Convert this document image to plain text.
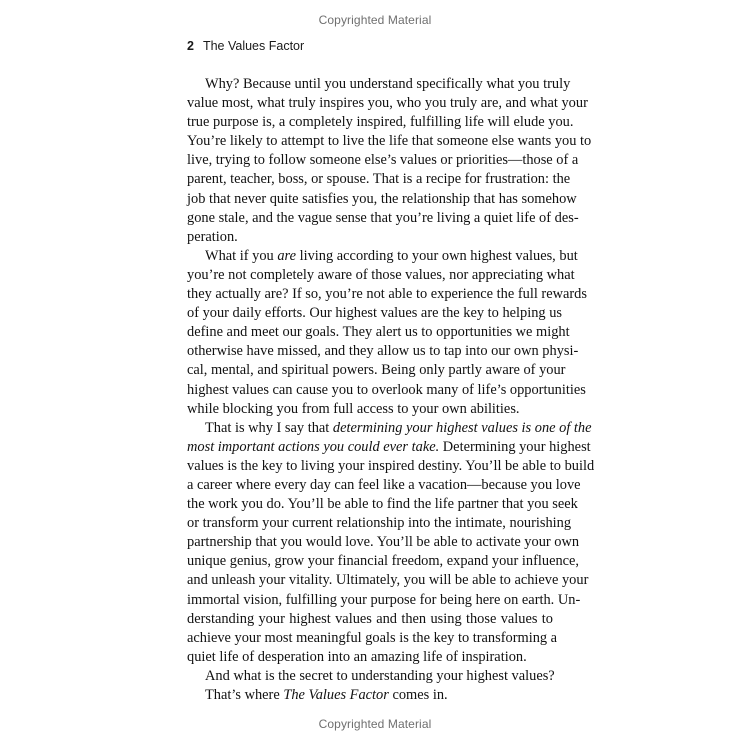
Copyrighted Material
2 The Values Factor
Why? Because until you understand specifically what you truly
value most, what truly inspires you, who you truly are, and what your
true purpose is, a completely inspired, fulfilling life will elude you.
You’re likely to attempt to live the life that someone else wants you to
live, trying to follow someone else’s values or priorities—those of a
parent, teacher, boss, or spouse. That is a recipe for frustration: the
job that never quite satisfies you, the relationship that has somehow
gone stale, and the vague sense that you’re living a quiet life of des-
peration.
What if you are living according to your own highest values, but
you’re not completely aware of those values, nor appreciating what
they actually are? If so, you’re not able to experience the full rewards
of your daily efforts. Our highest values are the key to helping us
define and meet our goals. They alert us to opportunities we might
otherwise have missed, and they allow us to tap into our own physi-
cal, mental, and spiritual powers. Being only partly aware of your
highest values can cause you to overlook many of life’s opportunities
while blocking you from full access to your own abilities.
That is why I say that determining your highest values is one of the
most important actions you could ever take. Determining your highest
values is the key to living your inspired destiny. You’ll be able to build
a career where every day can feel like a vacation—because you love
the work you do. You’ll be able to find the life partner that you seek
or transform your current relationship into the intimate, nourishing
partnership that you would love. You’ll be able to activate your own
unique genius, grow your financial freedom, expand your influence,
and unleash your vitality. Ultimately, you will be able to achieve your
immortal vision, fulfilling your purpose for being here on earth. Un-
derstanding your highest values and then using those values to
achieve your most meaningful goals is the key to transforming a
quiet life of desperation into an amazing life of inspiration.
And what is the secret to understanding your highest values?
That’s where The Values Factor comes in.
Copyrighted Material
